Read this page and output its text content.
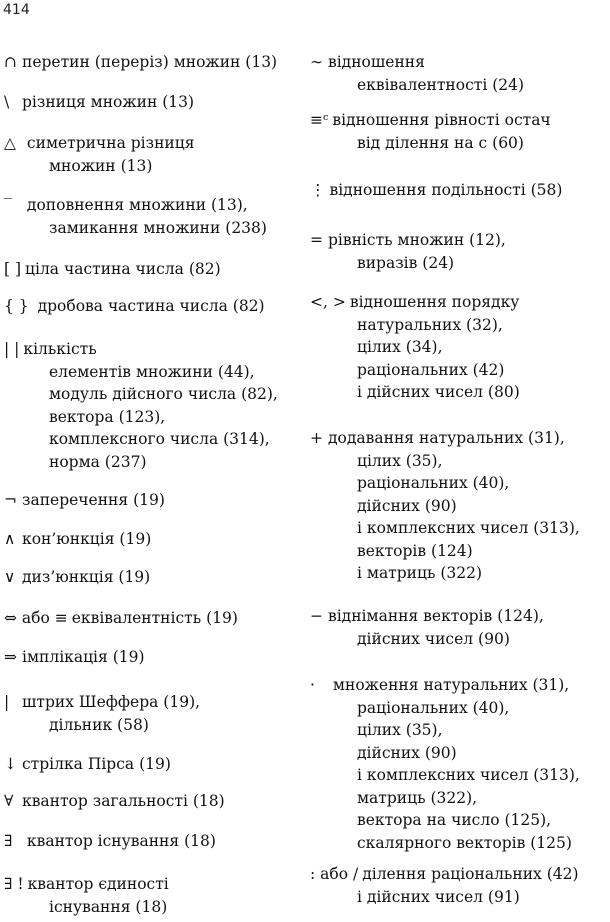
414
∩ перетин (переріз) множин (13)
\ різниця множин (13)
△ симетрична різниця
множин (13)
‾ доповнення множини (13),
замикання множини (238)
[ ] ціла частина числа (82)
{ } дробова частина числа (82)
| | кількість
елементів множини (44),
модуль дійсного числа (82),
вектора (123),
комплексного числа (314),
норма (237)
¬ заперечення (19)
∧ кон’юнкція (19)
∨ диз’юнкція (19)
⇔ або ≡ еквівалентність (19)
⇒ імплікація (19)
| штрих Шеффера (19),
дільник (58)
↓ стрілка Пірса (19)
∀ квантор загальності (18)
∃ квантор існування (18)
∃ ! квантор єдиності
існування (18)
∼ відношення
еквівалентності (24)
≡ᶜ відношення рівності остач
від ділення на c (60)
⋮ відношення подільності (58)
= рівність множин (12),
виразів (24)
<, > відношення порядку
натуральних (32),
цілих (34),
раціональних (42)
і дійсних чисел (80)
+ додавання натуральних (31),
цілих (35),
раціональних (40),
дійсних (90)
і комплексних чисел (313),
векторів (124)
і матриць (322)
− віднімання векторів (124),
дійсних чисел (90)
· множення натуральних (31),
раціональних (40),
цілих (35),
дійсних (90)
і комплексних чисел (313),
матриць (322),
вектора на число (125),
скалярного векторів (125)
: або / ділення раціональних (42)
і дійсних чисел (91)
